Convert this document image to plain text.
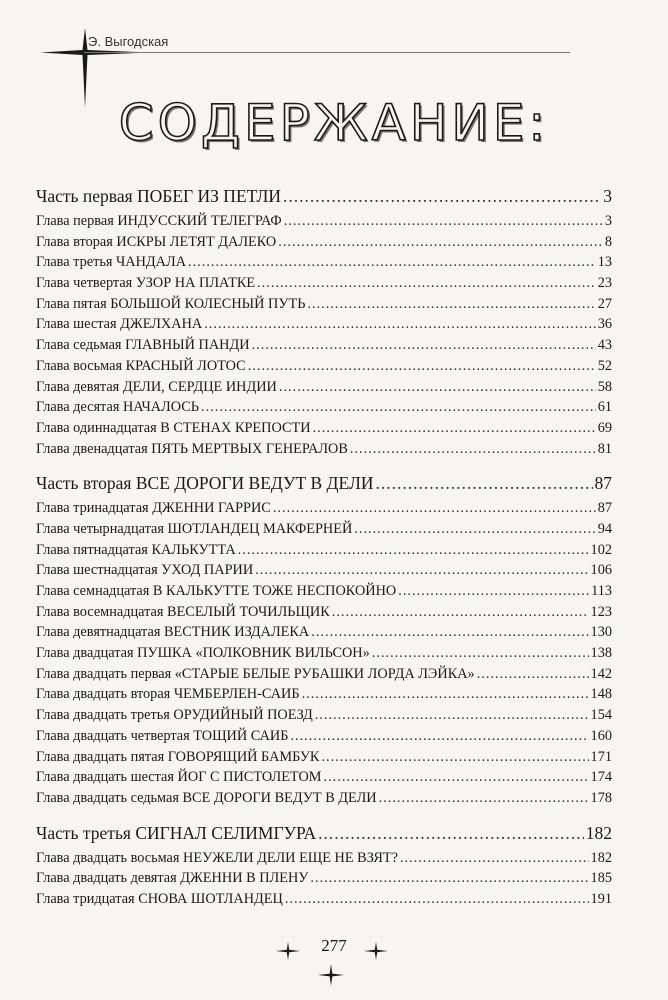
Э. Выгодская
СОДЕРЖАНИЕ:
Часть первая ПОБЕГ ИЗ ПЕТЛИ .....	3
Глава первая ИНДУССКИЙ ТЕЛЕГРАФ .....	3
Глава вторая ИСКРЫ ЛЕТЯТ ДАЛЕКО .....	8
Глава третья ЧАНДАЛА .....	13
Глава четвертая УЗОР НА ПЛАТКЕ .....	23
Глава пятая БОЛЬШОЙ КОЛЕСНЫЙ ПУТЬ .....	27
Глава шестая ДЖЕЛХАНА .....	36
Глава седьмая ГЛАВНЫЙ ПАНДИ .....	43
Глава восьмая КРАСНЫЙ ЛОТОС .....	52
Глава девятая ДЕЛИ, СЕРДЦЕ ИНДИИ .....	58
Глава десятая НАЧАЛОСЬ .....	61
Глава одиннадцатая В СТЕНАХ КРЕПОСТИ .....	69
Глава двенадцатая ПЯТЬ МЕРТВЫХ ГЕНЕРАЛОВ .....	81
Часть вторая ВСЕ ДОРОГИ ВЕДУТ В ДЕЛИ .....	87
Глава тринадцатая ДЖЕННИ ГАРРИС .....	87
Глава четырнадцатая ШОТЛАНДЕЦ МАКФЕРНЕЙ .....	94
Глава пятнадцатая КАЛЬКУТТА .....	102
Глава шестнадцатая УХОД ПАРИИ .....	106
Глава семнадцатая В КАЛЬКУТТЕ ТОЖЕ НЕСПОКОЙНО .....	113
Глава восемнадцатая ВЕСЕЛЫЙ ТОЧИЛЬЩИК .....	123
Глава девятнадцатая ВЕСТНИК ИЗДАЛЕКА .....	130
Глава двадцатая ПУШКА «ПОЛКОВНИК ВИЛЬСОН» .....	138
Глава двадцать первая «СТАРЫЕ БЕЛЫЕ РУБАШКИ ЛОРДА ЛЭЙКА» .....	142
Глава двадцать вторая ЧЕМБЕРЛЕН-САИБ .....	148
Глава двадцать третья ОРУДИЙНЫЙ ПОЕЗД .....	154
Глава двадцать четвертая ТОЩИЙ САИБ .....	160
Глава двадцать пятая ГОВОРЯЩИЙ БАМБУК .....	171
Глава двадцать шестая ЙОГ С ПИСТОЛЕТОМ .....	174
Глава двадцать седьмая ВСЕ ДОРОГИ ВЕДУТ В ДЕЛИ .....	178
Часть третья СИГНАЛ СЕЛИМГУРА .....	182
Глава двадцать восьмая НЕУЖЕЛИ ДЕЛИ ЕЩЕ НЕ ВЗЯТ? .....	182
Глава двадцать девятая ДЖЕННИ В ПЛЕНУ .....	185
Глава тридцатая СНОВА ШОТЛАНДЕЦ .....	191
277
